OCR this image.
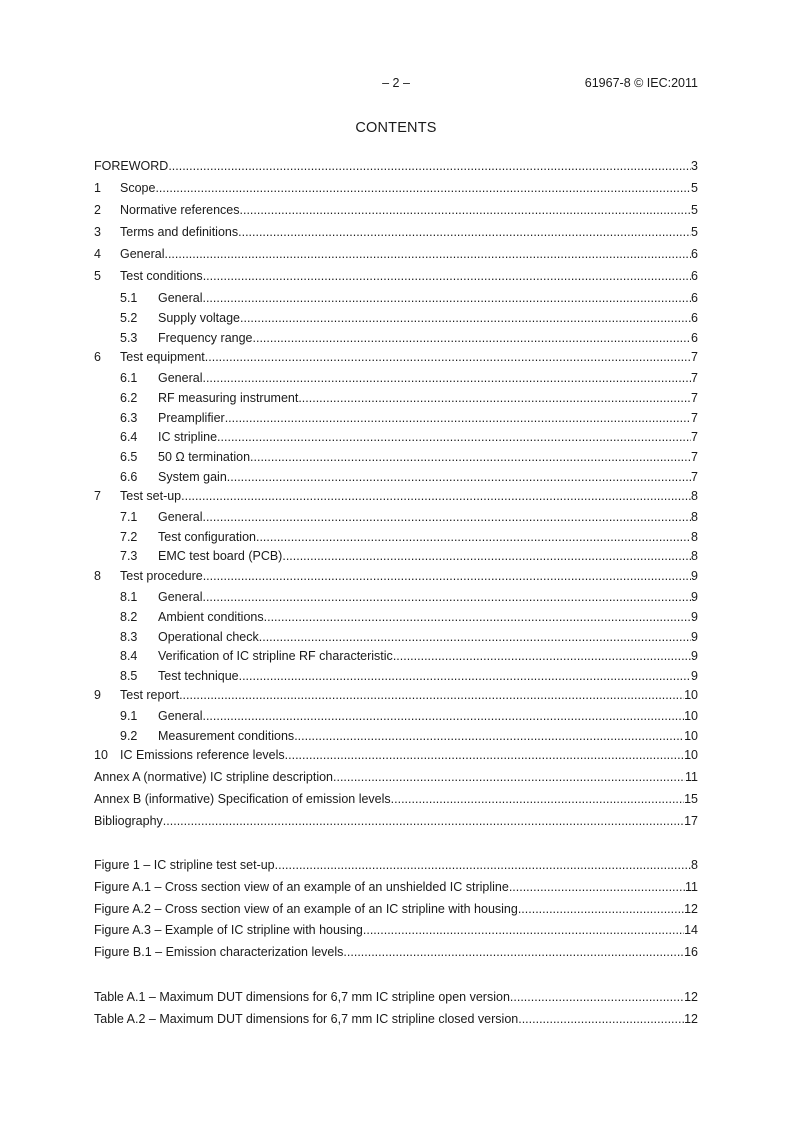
– 2 –	61967-8 © IEC:2011
CONTENTS
FOREWORD .....	3
1	Scope .....	5
2	Normative references .....	5
3	Terms and definitions .....	5
4	General .....	6
5	Test conditions .....	6
5.1	General .....	6
5.2	Supply voltage .....	6
5.3	Frequency range .....	6
6	Test equipment .....	7
6.1	General .....	7
6.2	RF measuring instrument .....	7
6.3	Preamplifier .....	7
6.4	IC stripline .....	7
6.5	50 Ω termination .....	7
6.6	System gain .....	7
7	Test set-up .....	8
7.1	General .....	8
7.2	Test configuration .....	8
7.3	EMC test board (PCB) .....	8
8	Test procedure .....	9
8.1	General .....	9
8.2	Ambient conditions .....	9
8.3	Operational check .....	9
8.4	Verification of IC stripline RF characteristic .....	9
8.5	Test technique .....	9
9	Test report .....	10
9.1	General .....	10
9.2	Measurement conditions .....	10
10 IC Emissions reference levels .....	10
Annex A (normative) IC stripline description .....	11
Annex B (informative) Specification of emission levels .....	15
Bibliography .....	17
Figure 1 – IC stripline test set-up .....	8
Figure A.1 – Cross section view of an example of an unshielded IC stripline .....	11
Figure A.2 – Cross section view of an example of an IC stripline with housing .....	12
Figure A.3 – Example of IC stripline with housing .....	14
Figure B.1 – Emission characterization levels .....	16
Table A.1 – Maximum DUT dimensions for 6,7 mm IC stripline open version .....	12
Table A.2 – Maximum DUT dimensions for 6,7 mm IC stripline closed version .....	12
